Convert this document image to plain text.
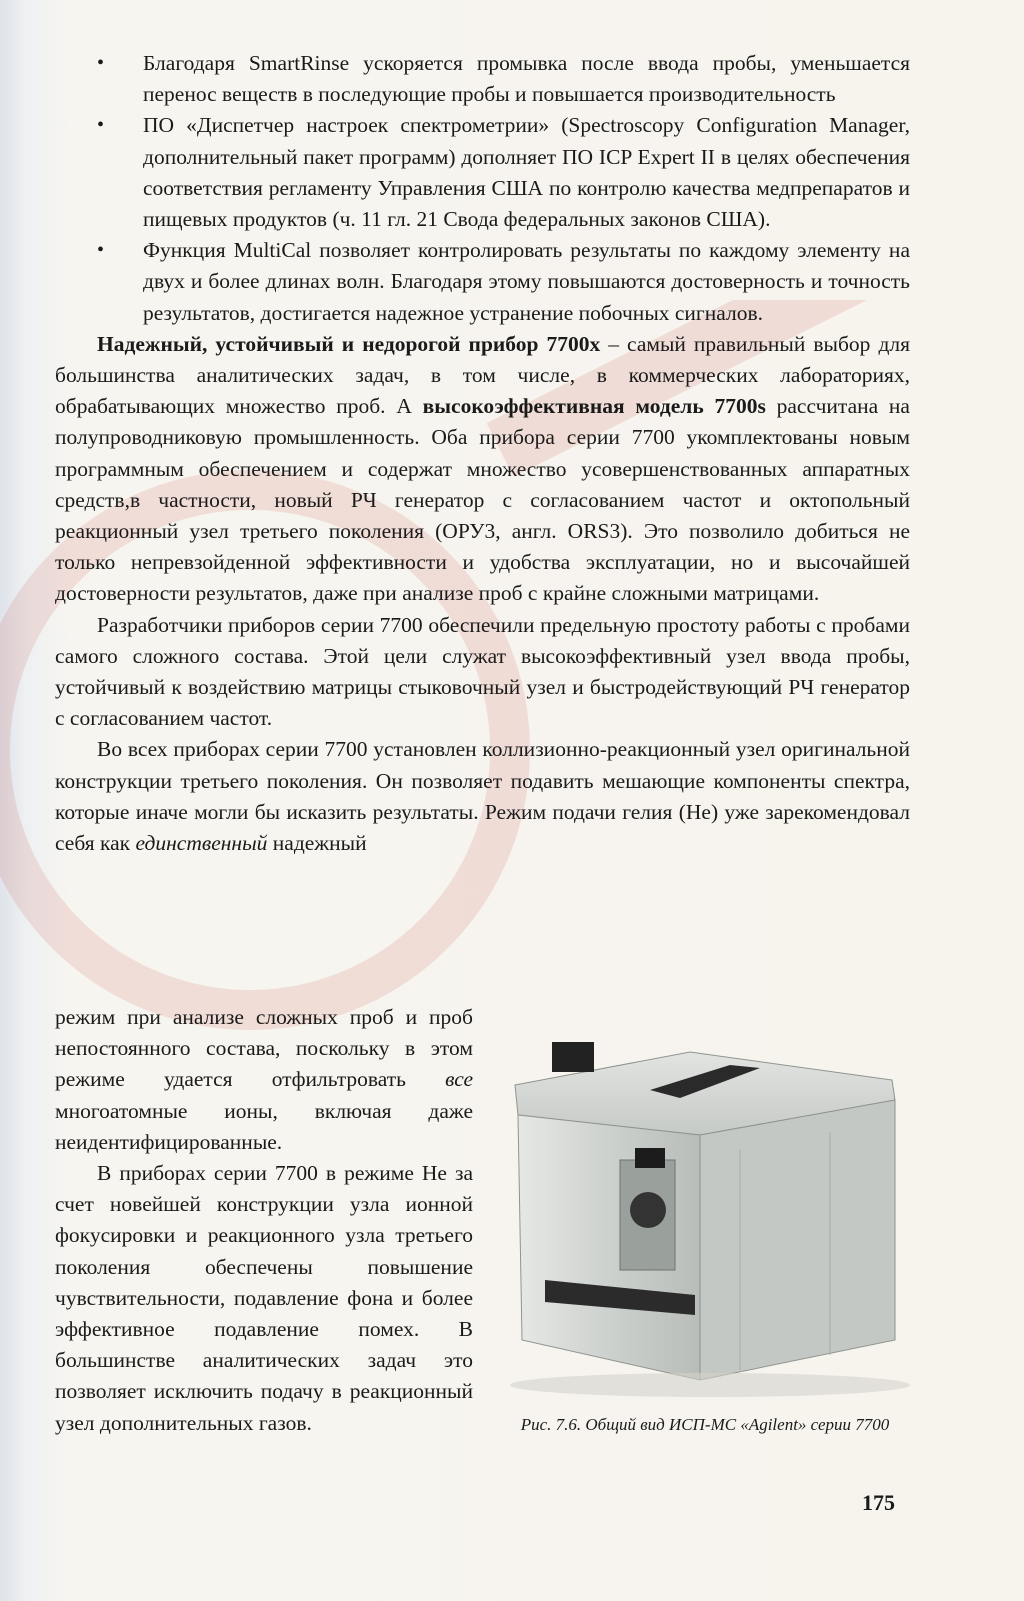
• Благодаря SmartRinse ускоряется промывка после ввода пробы, уменьшается перенос веществ в последующие пробы и повышается производительность
• ПО «Диспетчер настроек спектрометрии» (Spectroscopy Configuration Manager, дополнительный пакет программ) дополняет ПО ICP Expert II в целях обеспечения соответствия регламенту Управления США по контролю качества медпрепаратов и пищевых продуктов (ч. 11 гл. 21 Свода федеральных законов США).
• Функция MultiCal позволяет контролировать результаты по каждому элементу на двух и более длинах волн. Благодаря этому повышаются достоверность и точность результатов, достигается надежное устранение побочных сигналов.

Надежный, устойчивый и недорогой прибор 7700x – самый правильный выбор для большинства аналитических задач, в том числе, в коммерческих лабораториях, обрабатывающих множество проб. А высокоэффективная модель 7700s рассчитана на полупроводниковую промышленность. Оба прибора серии 7700 укомплектованы новым программным обеспечением и содержат множество усовершенствованных аппаратных средств,в частности, новый РЧ генератор с согласованием частот и октопольный реакционный узел третьего поколения (ОРУ3, англ. ORS3). Это позволило добиться не только непревзойденной эффективности и удобства эксплуатации, но и высочайшей достоверности результатов, даже при анализе проб с крайне сложными матрицами.

Разработчики приборов серии 7700 обеспечили предельную простоту работы с пробами самого сложного состава. Этой цели служат высокоэффективный узел ввода пробы, устойчивый к воздействию матрицы стыковочный узел и быстродействующий РЧ генератор с согласованием частот.

Во всех приборах серии 7700 установлен коллизионно-реакционный узел оригинальной конструкции третьего поколения. Он позволяет подавить мешающие компоненты спектра, которые иначе могли бы исказить результаты. Режим подачи гелия (He) уже зарекомендовал себя как единственный надежный

режим при анализе сложных проб и проб непостоянного состава, поскольку в этом режиме удается отфильтровать все многоатомные ионы, включая даже неидентифицированные.

В приборах серии 7700 в режиме He за счет новейшей конструкции узла ионной фокусировки и реакционного узла третьего поколения обеспечены повышение чувствительности, подавление фона и более эффективное подавление помех. В большинстве аналитических задач это позволяет исключить подачу в реакционный узел дополнительных газов.	Рис. 7.6. Общий вид ИСП-МС «Agilent» серии 7700
175
